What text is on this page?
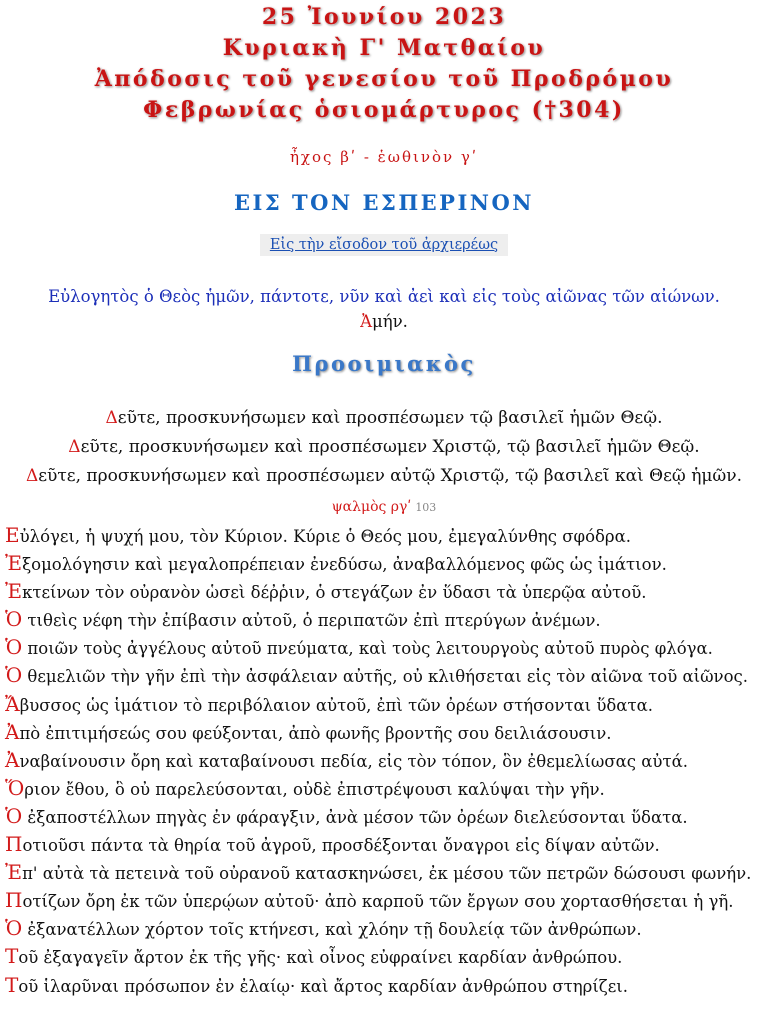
25 Ἰουνίου 2023
Κυριακὴ Γ' Ματθαίου
Ἀπόδοσις τοῦ γενεσίου τοῦ Προδρόμου
Φεβρωνίας ὁσιομάρτυρος (†304)
ἦχος βʹ - ἑωθινὸν γʹ
ΕΙΣ ΤΟΝ ΕΣΠΕΡΙΝΟΝ
Εἰς τὴν εἴσοδον τοῦ ἀρχιερέως
Εὐλογητὸς ὁ Θεὸς ἡμῶν, πάντοτε, νῦν καὶ ἀεὶ καὶ εἰς τοὺς αἰῶνας τῶν αἰώνων.
Ἀμήν.
Προοιμιακὸς
Δεῦτε, προσκυνήσωμεν καὶ προσπέσωμεν τῷ βασιλεῖ ἡμῶν Θεῷ.
Δεῦτε, προσκυνήσωμεν καὶ προσπέσωμεν Χριστῷ, τῷ βασιλεῖ ἡμῶν Θεῷ.
Δεῦτε, προσκυνήσωμεν καὶ προσπέσωμεν αὐτῷ Χριστῷ, τῷ βασιλεῖ καὶ Θεῷ ἡμῶν.
ψαλμὸς ργʹ 103
Εὐλόγει, ἡ ψυχή μου, τὸν Κύριον. Κύριε ὁ Θεός μου, ἐμεγαλύνθης σφόδρα.
Ἐξομολόγησιν καὶ μεγαλοπρέπειαν ἐνεδύσω, ἀναβαλλόμενος φῶς ὡς ἱμάτιον.
Ἐκτείνων τὸν οὐρανὸν ὡσεὶ δέῤῥιν, ὁ στεγάζων ἐν ὕδασι τὰ ὑπερῷα αὐτοῦ.
Ὁ τιθεὶς νέφη τὴν ἐπίβασιν αὐτοῦ, ὁ περιπατῶν ἐπὶ πτερύγων ἀνέμων.
Ὁ ποιῶν τοὺς ἀγγέλους αὐτοῦ πνεύματα, καὶ τοὺς λειτουργοὺς αὐτοῦ πυρὸς φλόγα.
Ὁ θεμελιῶν τὴν γῆν ἐπὶ τὴν ἀσφάλειαν αὐτῆς, οὐ κλιθήσεται εἰς τὸν αἰῶνα τοῦ αἰῶνος.
Ἄβυσσος ὡς ἱμάτιον τὸ περιβόλαιον αὐτοῦ, ἐπὶ τῶν ὀρέων στήσονται ὕδατα.
Ἀπὸ ἐπιτιμήσεώς σου φεύξονται, ἀπὸ φωνῆς βροντῆς σου δειλιάσουσιν.
Ἀναβαίνουσιν ὄρη καὶ καταβαίνουσι πεδία, εἰς τὸν τόπον, ὃν ἐθεμελίωσας αὐτά.
Ὅριον ἔθου, ὃ οὐ παρελεύσονται, οὐδὲ ἐπιστρέψουσι καλύψαι τὴν γῆν.
Ὁ ἐξαποστέλλων πηγὰς ἐν φάραγξιν, ἀνὰ μέσον τῶν ὀρέων διελεύσονται ὕδατα.
Ποτιοῦσι πάντα τὰ θηρία τοῦ ἀγροῦ, προσδέξονται ὄναγροι εἰς δίψαν αὐτῶν.
Ἐπ' αὐτὰ τὰ πετεινὰ τοῦ οὐρανοῦ κατασκηνώσει, ἐκ μέσου τῶν πετρῶν δώσουσι φωνήν.
Ποτίζων ὄρη ἐκ τῶν ὑπερῴων αὐτοῦ· ἀπὸ καρποῦ τῶν ἔργων σου χορτασθήσεται ἡ γῆ.
Ὁ ἐξανατέλλων χόρτον τοῖς κτήνεσι, καὶ χλόην τῇ δουλείᾳ τῶν ἀνθρώπων.
Τοῦ ἐξαγαγεῖν ἄρτον ἐκ τῆς γῆς· καὶ οἶνος εὐφραίνει καρδίαν ἀνθρώπου.
Τοῦ ἱλαρῦναι πρόσωπον ἐν ἐλαίῳ· καὶ ἄρτος καρδίαν ἀνθρώπου στηρίζει.
